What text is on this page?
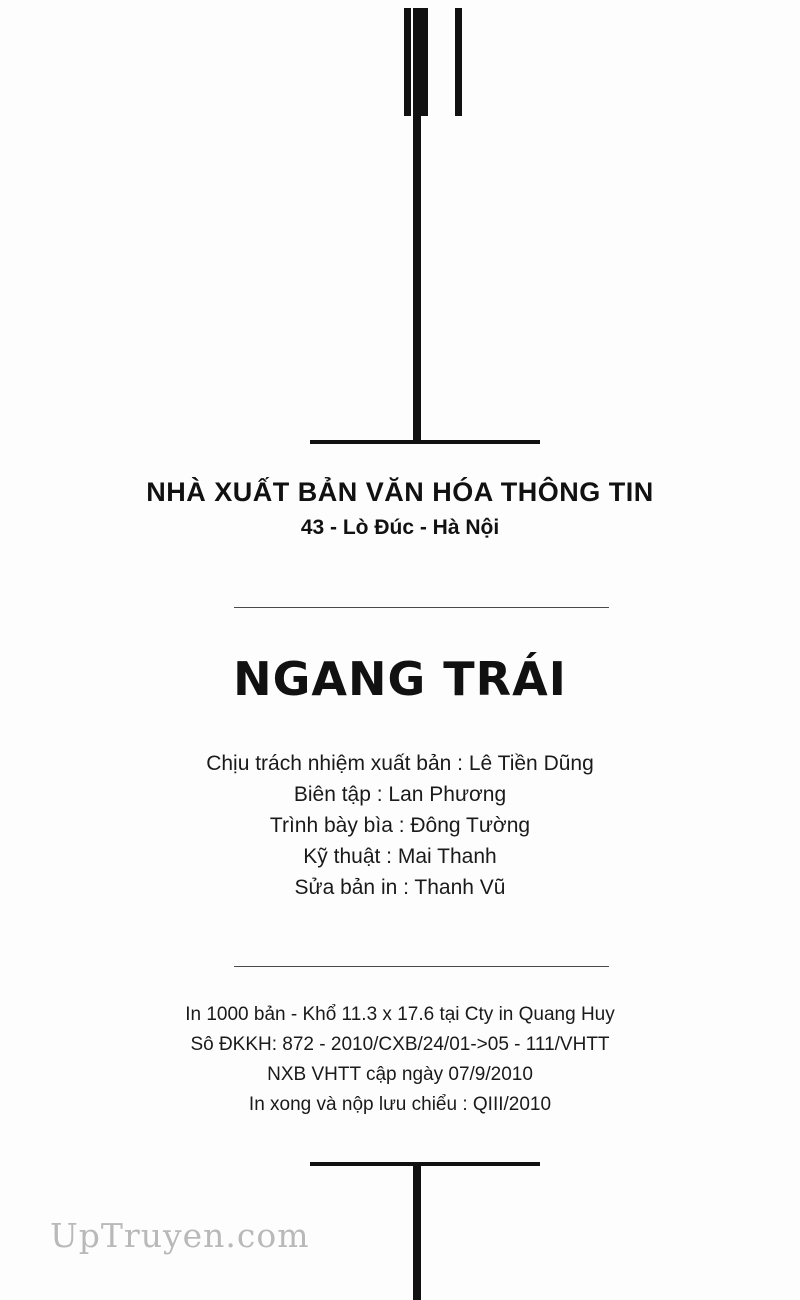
NHÀ XUẤT BẢN VĂN HÓA THÔNG TIN
43 - Lò Đúc - Hà Nội
NGANG TRÁI
Chịu trách nhiệm xuất bản : Lê Tiền Dũng
Biên tập : Lan Phương
Trình bày bìa : Đông Tường
Kỹ thuật : Mai Thanh
Sửa bản in : Thanh Vũ
In 1000 bản - Khổ 11.3 x 17.6 tại Cty in Quang Huy
Sô ĐKKH: 872 - 2010/CXB/24/01->05 - 111/VHTT
NXB VHTT cập ngày 07/9/2010
In xong và nộp lưu chiểu : QIII/2010
UpTruyen.com
